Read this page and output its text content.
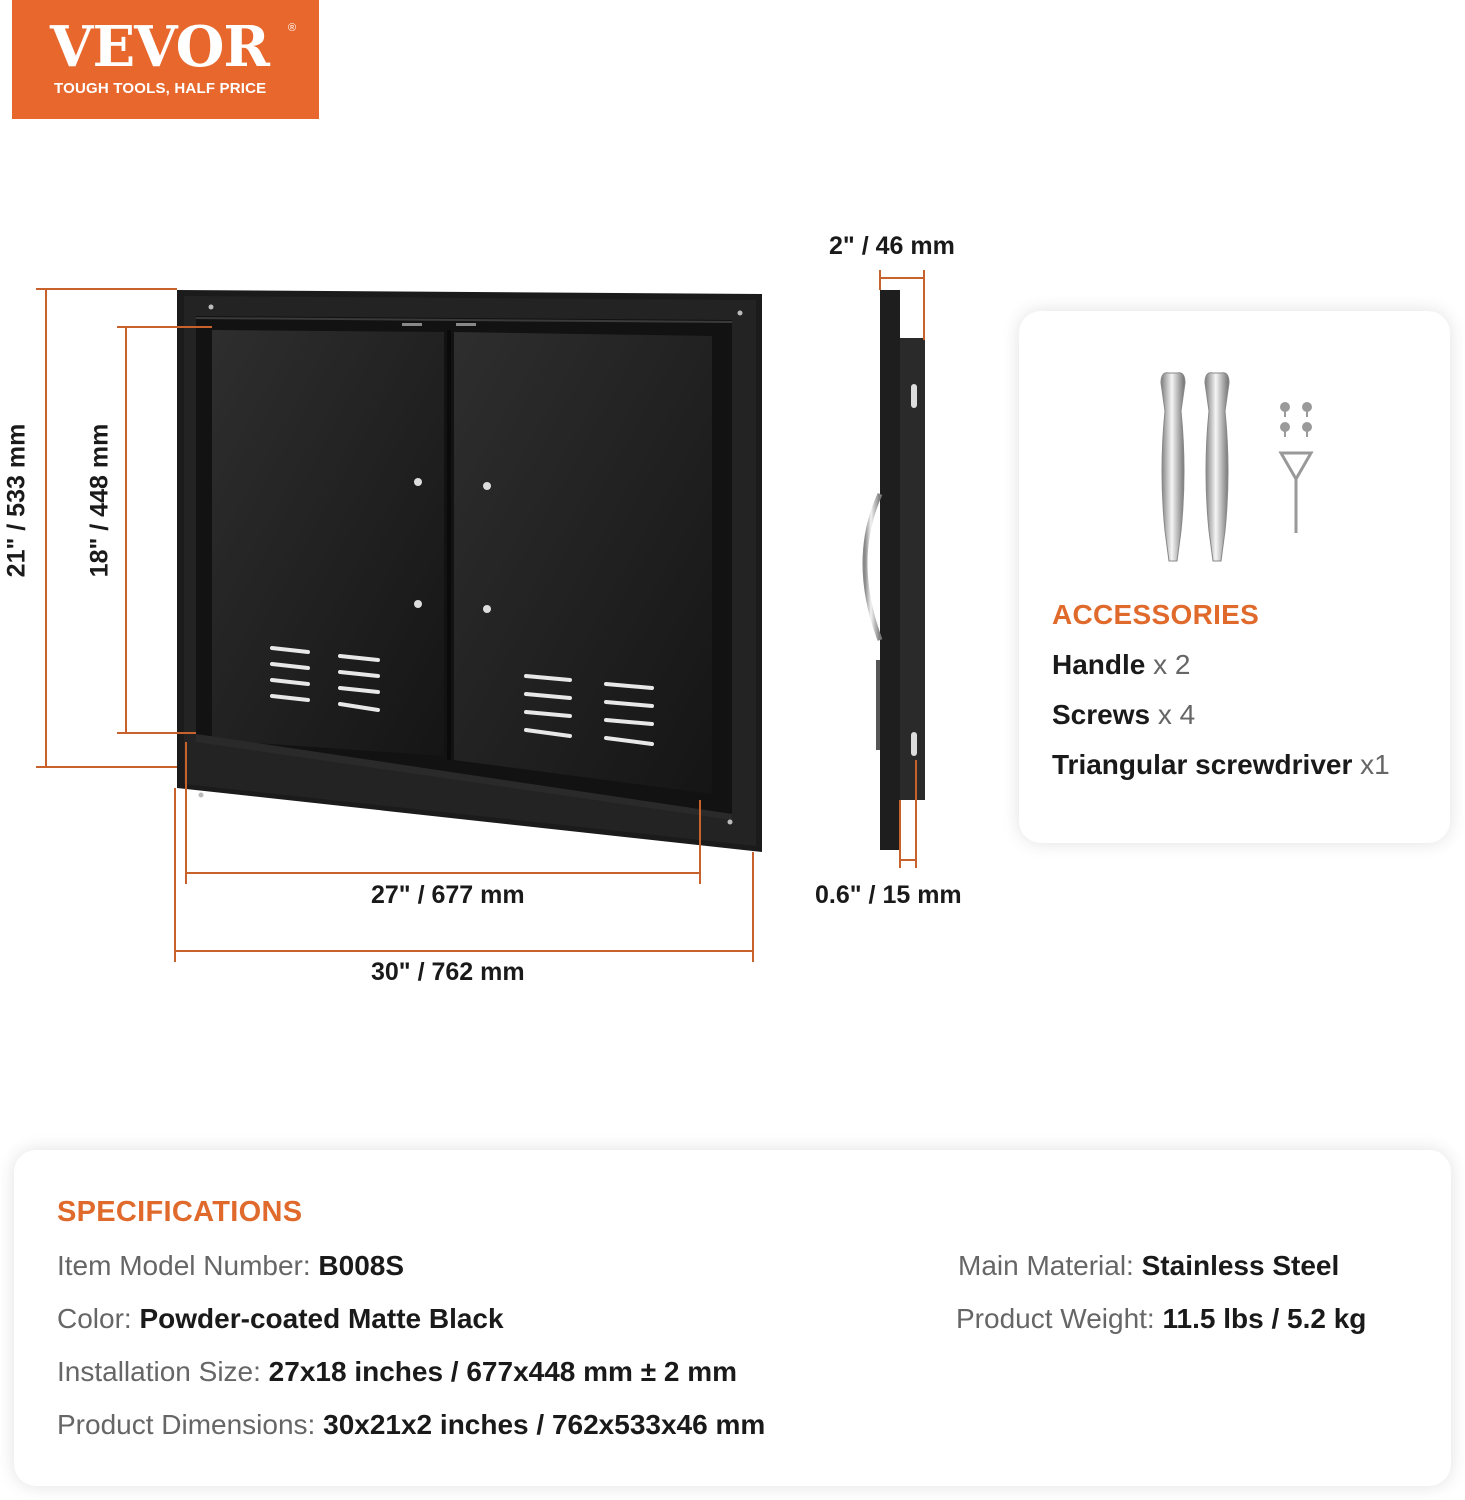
VEVOR ®
TOUGH TOOLS, HALF PRICE
21" / 533 mm 18" / 448 mm
27" / 677 mm
30" / 762 mm
2" / 46 mm
0.6" / 15 mm
ACCESSORIES
Handle x 2
Screws x 4
Triangular screwdriver x1
SPECIFICATIONS
Item Model Number: B008S
Color: Powder-coated Matte Black
Installation Size: 27x18 inches / 677x448 mm ± 2 mm
Product Dimensions: 30x21x2 inches / 762x533x46 mm
Main Material: Stainless Steel
Product Weight: 11.5 lbs / 5.2 kg
